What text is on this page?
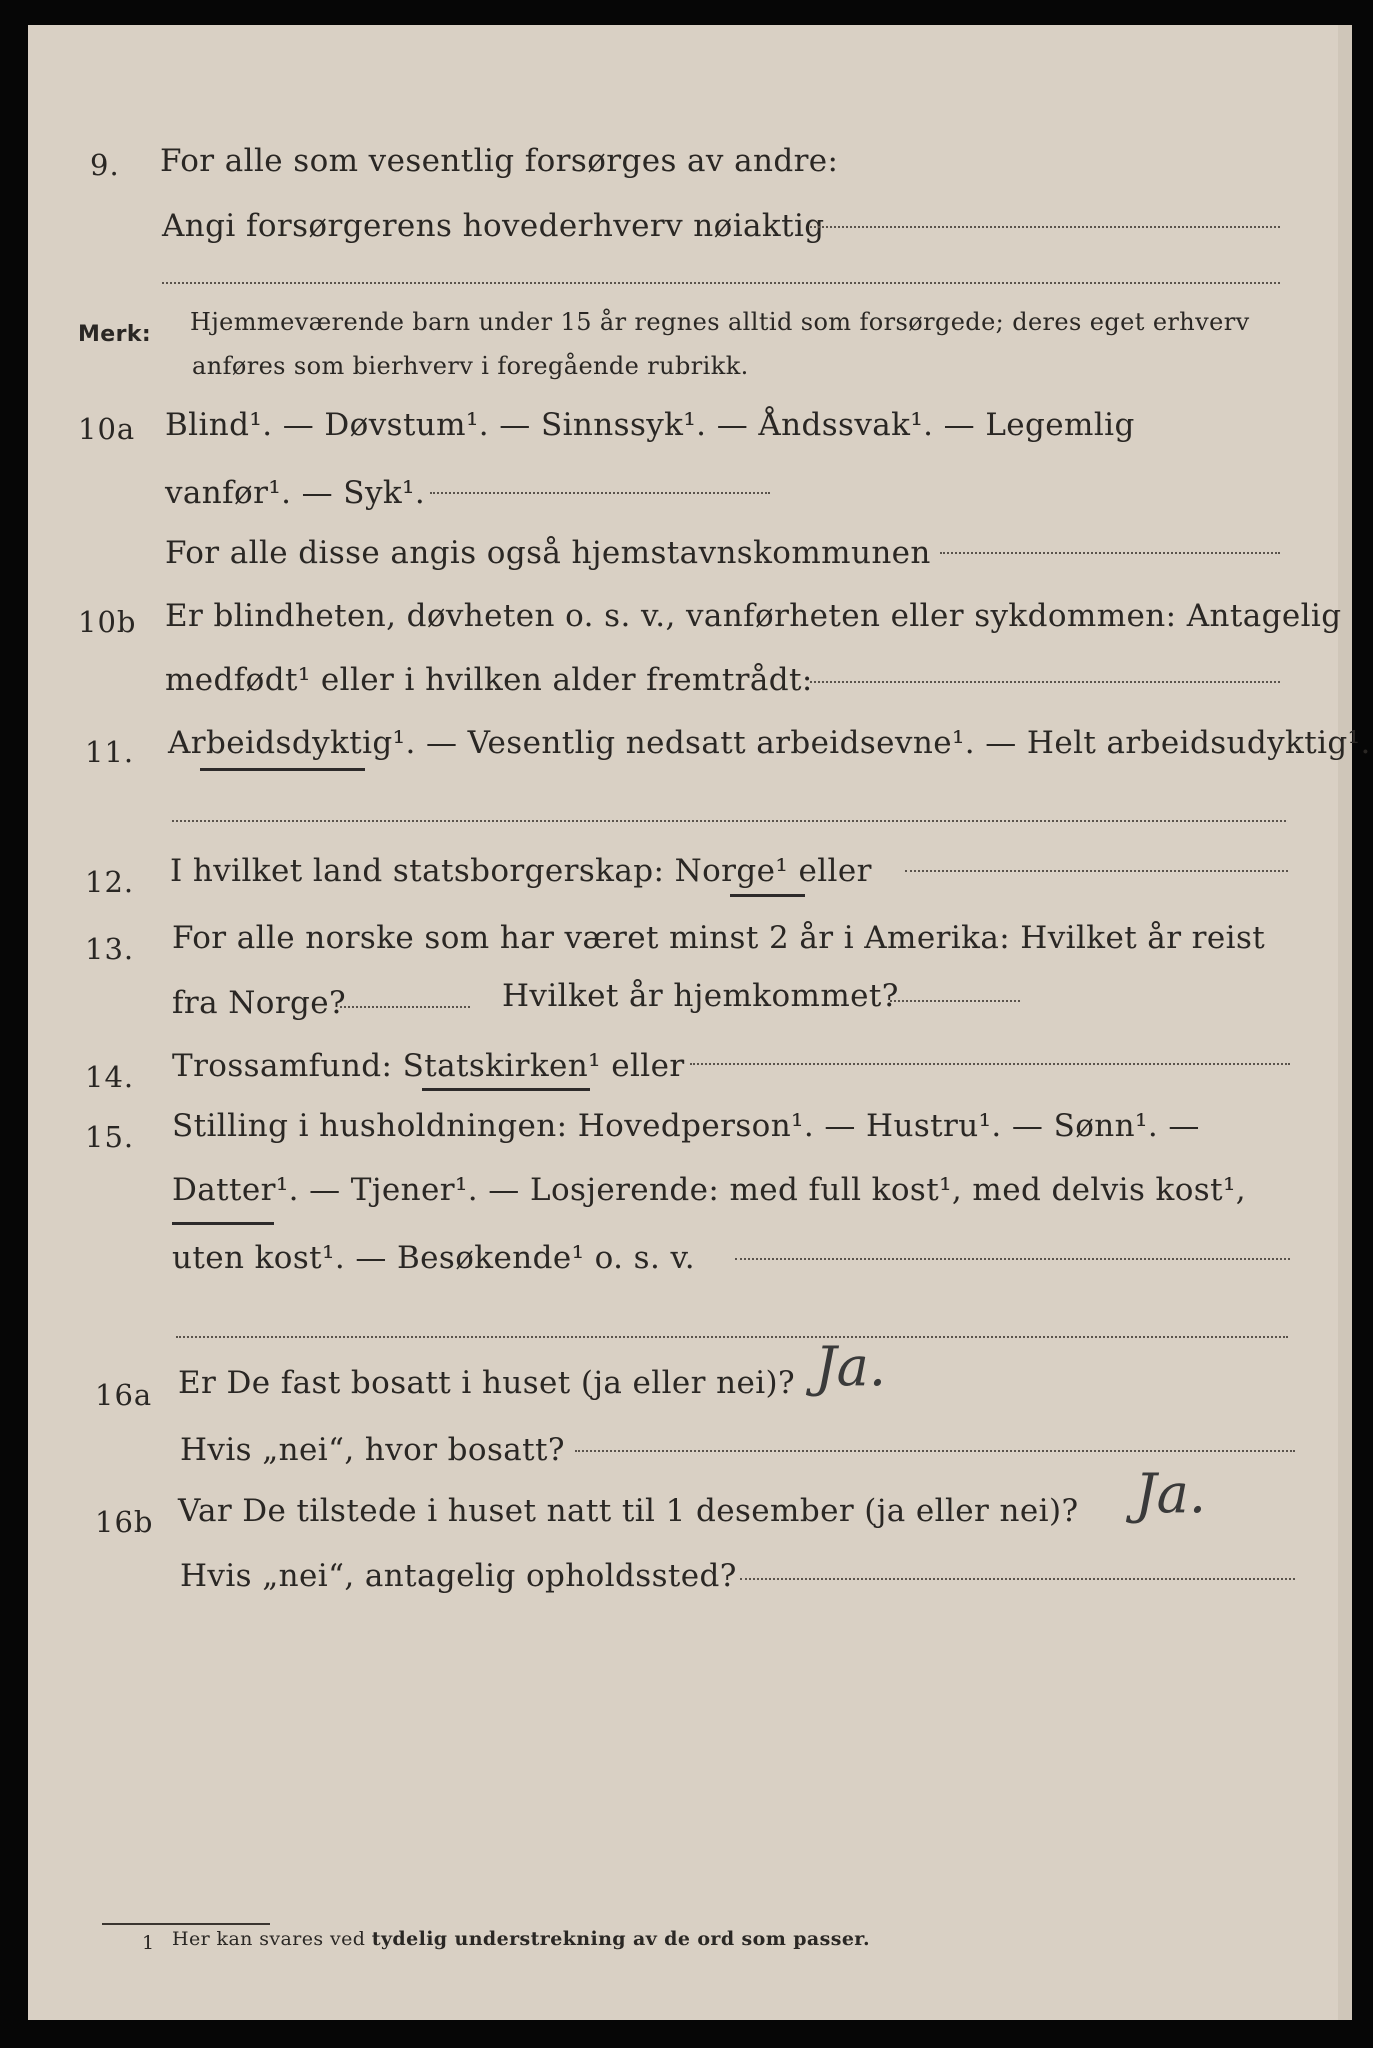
9. For alle som vesentlig forsørges av andre:
Angi forsørgerens hovederhverv nøiaktig
Merk: Hjemmeværende barn under 15 år regnes alltid som forsørgede; deres eget erhverv
anføres som bierhverv i foregående rubrikk.
10a Blind¹. — Døvstum¹. — Sinnssyk¹. — Åndssvak¹. — Legemlig
vanfør¹. — Syk¹.
For alle disse angis også hjemstavnskommunen
10b Er blindheten, døvheten o. s. v., vanførheten eller sykdommen: Antagelig
medfødt¹ eller i hvilken alder fremtrådt:
11. Arbeidsdyktig¹. — Vesentlig nedsatt arbeidsevne¹. — Helt arbeidsudyktig¹.
12. I hvilket land statsborgerskap: Norge¹ eller
13. For alle norske som har været minst 2 år i Amerika: Hvilket år reist
fra Norge?	Hvilket år hjemkommet?
14. Trossamfund: Statskirken¹ eller
15. Stilling i husholdningen: Hovedperson¹. — Hustru¹. — Sønn¹. —
Datter¹. — Tjener¹. — Losjerende: med full kost¹, med delvis kost¹,
uten kost¹. — Besøkende¹ o. s. v.
16a Er De fast bosatt i huset (ja eller nei)? Ja.
Hvis „nei“, hvor bosatt?
16b Var De tilstede i huset natt til 1 desember (ja eller nei)? Ja.
Hvis „nei“, antagelig opholdssted?
1 Her kan svares ved tydelig understrekning av de ord som passer.
